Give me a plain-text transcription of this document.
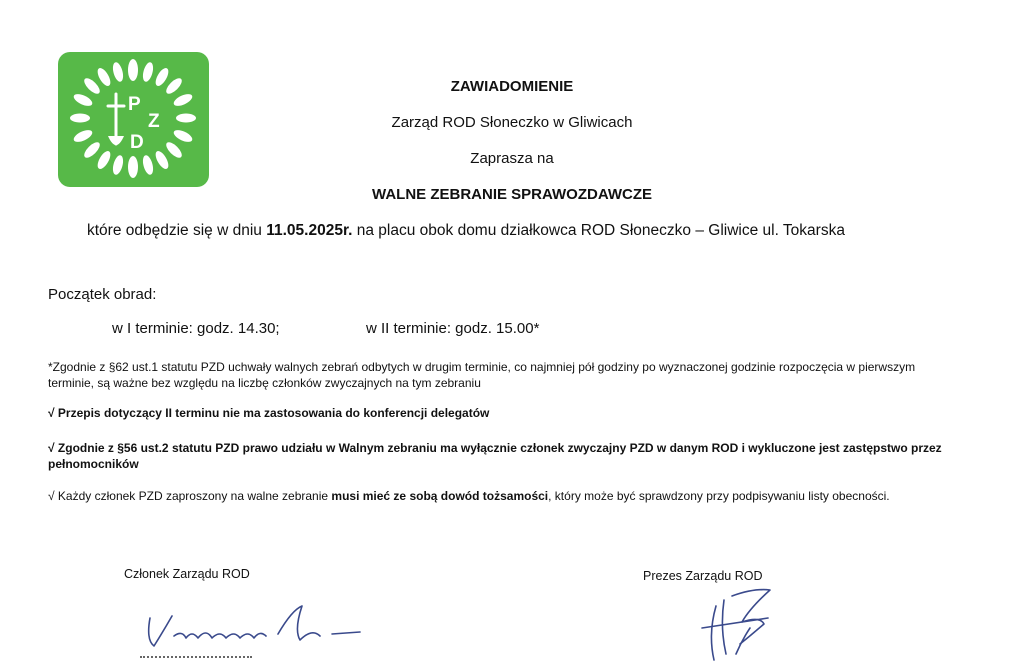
P
Z
D
ZAWIADOMIENIE
Zarząd ROD Słoneczko w Gliwicach
Zaprasza na
WALNE ZEBRANIE SPRAWOZDAWCZE
które odbędzie się w dniu 11.05.2025r. na placu obok domu działkowca ROD Słoneczko – Gliwice ul. Tokarska
Początek obrad:
w I terminie: godz. 14.30;	w II terminie: godz. 15.00*
*Zgodnie z §62 ust.1 statutu PZD uchwały walnych zebrań odbytych w drugim terminie, co najmniej pół godziny po wyznaczonej godzinie rozpoczęcia w pierwszym terminie, są ważne bez względu na liczbę członków zwyczajnych na tym zebraniu
√ Przepis dotyczący II terminu nie ma zastosowania do konferencji delegatów
√ Zgodnie z §56 ust.2 statutu PZD prawo udziału w Walnym zebraniu ma wyłącznie członek zwyczajny PZD w danym ROD i wykluczone jest zastępstwo przez pełnomocników
√ Każdy członek PZD zaproszony na walne zebranie musi mieć ze sobą dowód tożsamości, który może być sprawdzony przy podpisywaniu listy obecności.
Członek Zarządu ROD	Prezes Zarządu ROD
